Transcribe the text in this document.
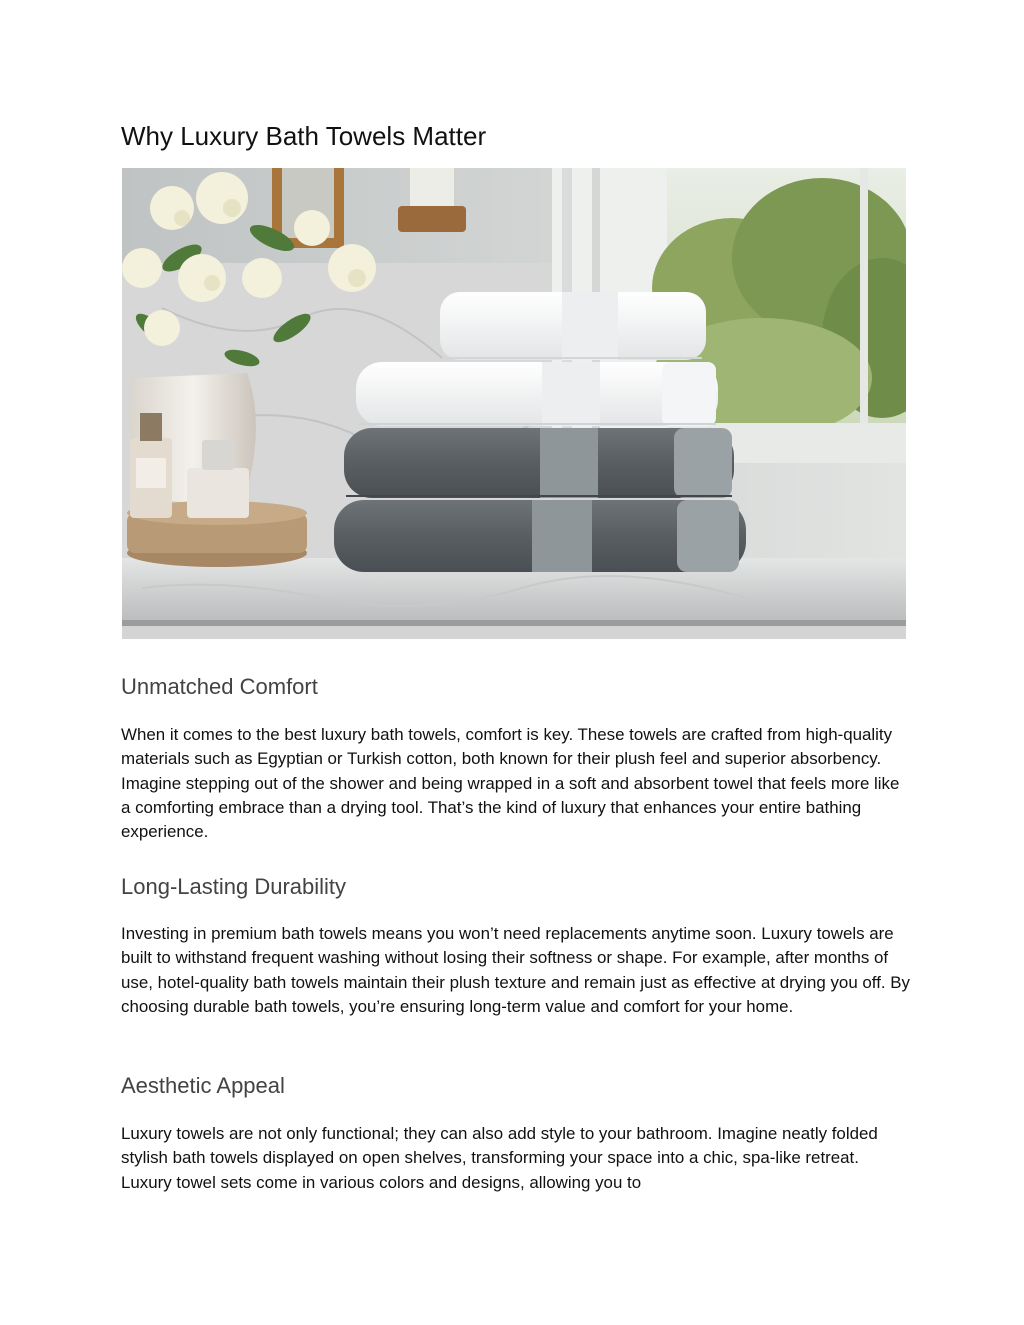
Why Luxury Bath Towels Matter
Unmatched Comfort

When it comes to the best luxury bath towels, comfort is key. These towels are crafted from high-quality materials such as Egyptian or Turkish cotton, both known for their plush feel and superior absorbency. Imagine stepping out of the shower and being wrapped in a soft and absorbent towel that feels more like a comforting embrace than a drying tool. That’s the kind of luxury that enhances your entire bathing experience.

Long-Lasting Durability

Investing in premium bath towels means you won’t need replacements anytime soon. Luxury towels are built to withstand frequent washing without losing their softness or shape. For example, after months of use, hotel-quality bath towels maintain their plush texture and remain just as effective at drying you off. By choosing durable bath towels, you’re ensuring long-term value and comfort for your home.

Aesthetic Appeal

Luxury towels are not only functional; they can also add style to your bathroom. Imagine neatly folded stylish bath towels displayed on open shelves, transforming your space into a chic, spa-like retreat. Luxury towel sets come in various colors and designs, allowing you to
